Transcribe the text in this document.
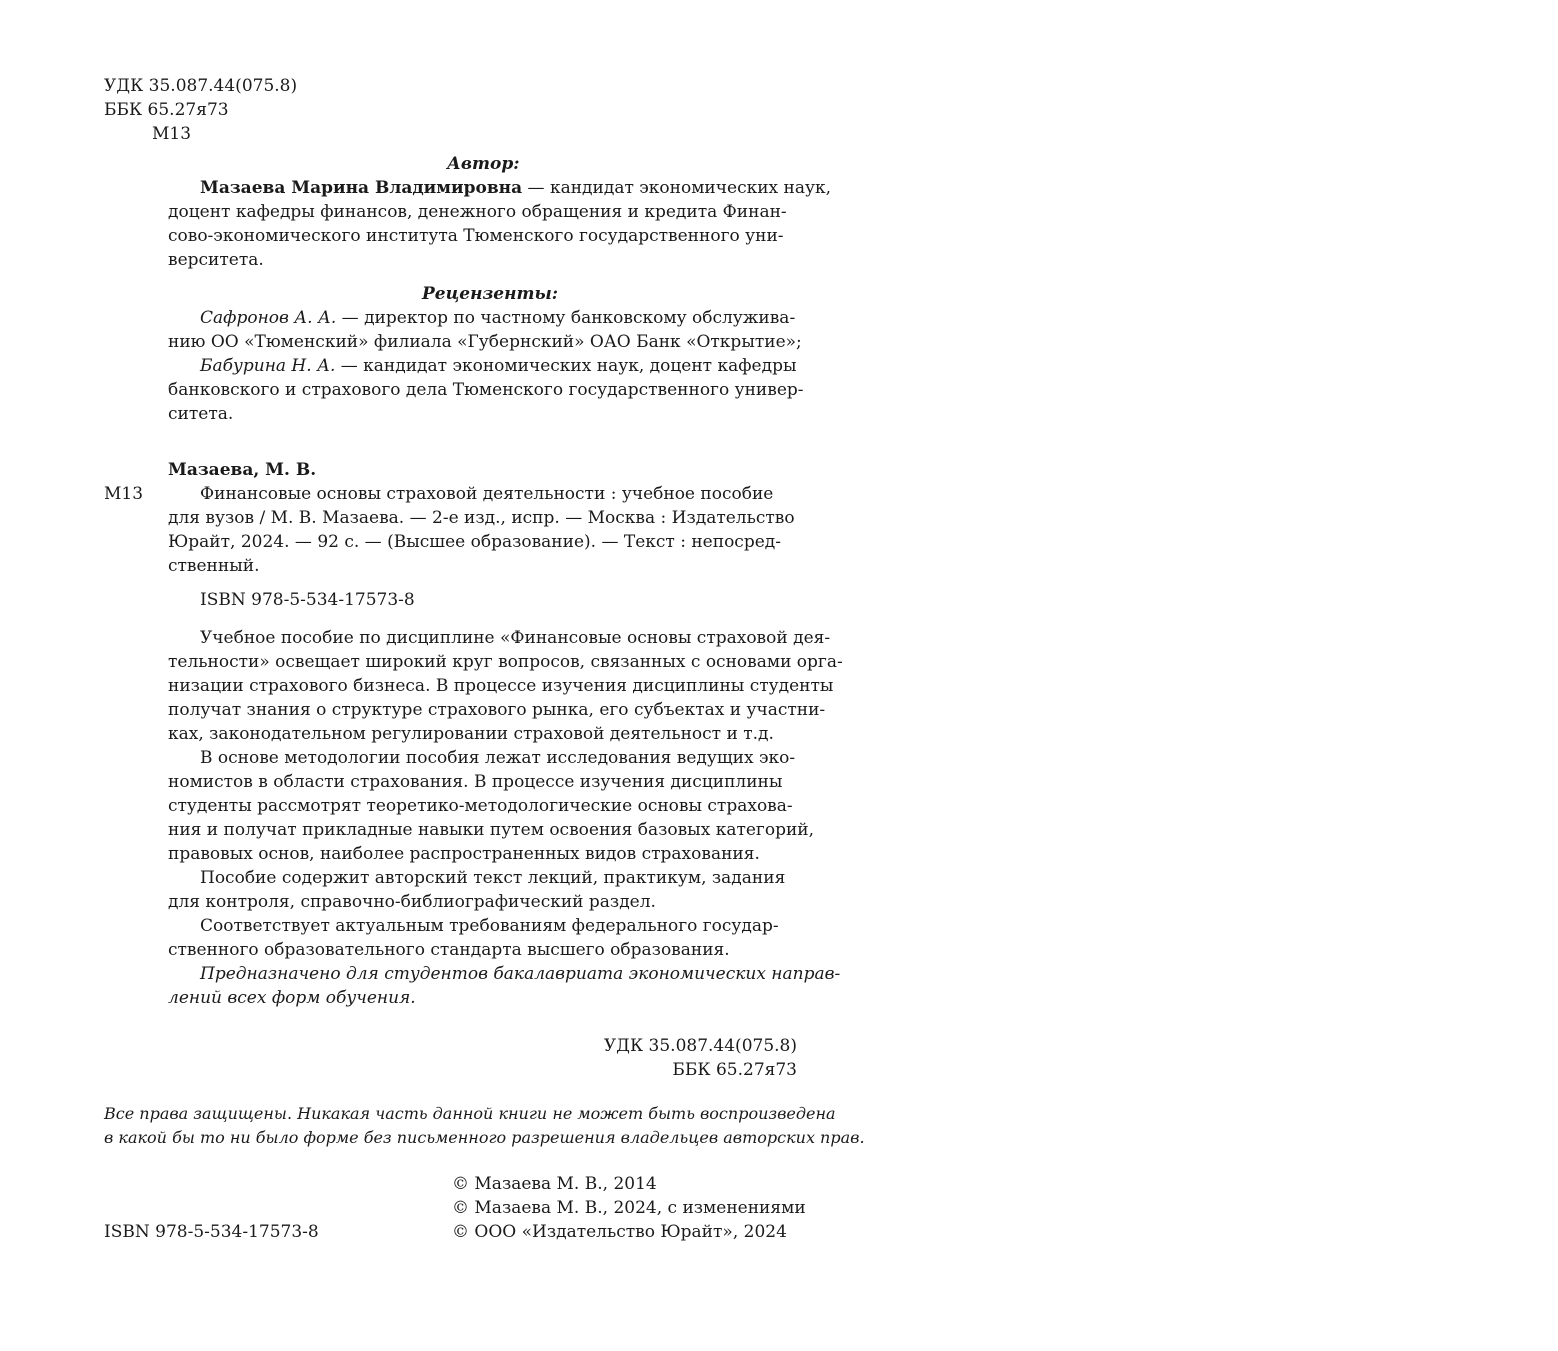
УДК 35.087.44(075.8)
ББК 65.27я73
М13
Автор:
Мазаева Марина Владимировна — кандидат экономических наук,
доцент кафедры финансов, денежного обращения и кредита Финан-
сово-экономического института Тюменского государственного уни-
верситета.
Рецензенты:
Сафронов А. А. — директор по частному банковскому обслужива-
нию ОО «Тюменский» филиала «Губернский» ОАО Банк «Открытие»;
Бабурина Н. А. — кандидат экономических наук, доцент кафедры
банковского и страхового дела Тюменского государственного универ-
ситета.
Мазаева, М. В.
М13	Финансовые основы страховой деятельности : учебное пособие
для вузов / М. В. Мазаева. — 2-е изд., испр. — Москва : Издательство
Юрайт, 2024. — 92 с. — (Высшее образование). — Текст : непосред-
ственный.
ISBN 978-5-534-17573-8
Учебное пособие по дисциплине «Финансовые основы страховой дея-
тельности» освещает широкий круг вопросов, связанных с основами орга-
низации страхового бизнеса. В процессе изучения дисциплины студенты
получат знания о структуре страхового рынка, его субъектах и участни-
ках, законодательном регулировании страховой деятельност и т.д.
В основе методологии пособия лежат исследования ведущих эко-
номистов в области страхования. В процессе изучения дисциплины
студенты рассмотрят теоретико-методологические основы страхова-
ния и получат прикладные навыки путем освоения базовых категорий,
правовых основ, наиболее распространенных видов страхования.
Пособие содержит авторский текст лекций, практикум, задания
для контроля, справочно-библиографический раздел.
Соответствует актуальным требованиям федерального государ-
ственного образовательного стандарта высшего образования.
Предназначено для студентов бакалавриата экономических направ-
лений всех форм обучения.
УДК 35.087.44(075.8)
ББК 65.27я73
Все права защищены. Никакая часть данной книги не может быть воспроизведена
в какой бы то ни было форме без письменного разрешения владельцев авторских прав.
© Мазаева М. В., 2014
© Мазаева М. В., 2024, с изменениями
ISBN 978-5-534-17573-8	© ООО «Издательство Юрайт», 2024
